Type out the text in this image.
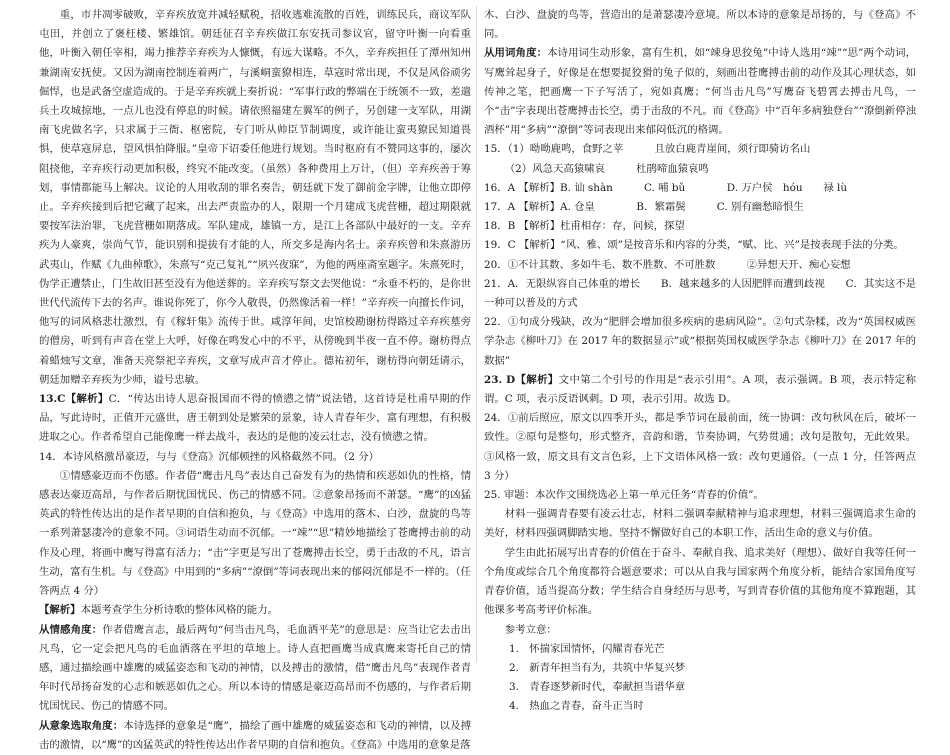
重，市井凋零破败，辛弃疾放宽并减轻赋税，招收逃难流散的百姓，训练民兵，商议军队屯田，并创立了褒枉楼、繁雄馆。朝廷征召辛弃疾做江东安抚司参议官，留守叶衡一向看重他，叶衡入朝任宰相，竭力推荐辛弃疾为人慷慨，有远大谋略。不久，辛弃疾担任了潭州知州兼湖南安抚使。又因为湖南控制连着两广，与溪峒蛮獠相连，草寇时常出现，不仅是风俗顽劣倔悍，也是武备空虚造成的。于是辛弃疾就上奏折说：“军事行政的弊端在于统领不一致，差遣兵土攻城掠地，一点儿也没有停息的时候。请依照福建左翼军的例子，另创建一支军队，用湖南飞虎做名字，只求属于三衙、枢密院，专门听从帅臣节制调度，或许能让蛮夷獠民知道畏惧，使草寇屏息，望风惧怕降服。”皇帝下诏委任他进行规划。当时枢府有不赞同这事的，屡次阻挠他，辛弃疾行动更加积极，终究不能改变。（虽然）各种费用上万计，（但）辛弃疾善于筹划，事情都能马上解决。议论的人用收刮的罪名奏告，朝廷就下发了御前金字牌，让他立即停止。辛弃疾接到后把它藏了起来，出去严责监办的人，限期一个月建成飞虎营栅，超过期限就要按军法治罪，飞虎营栅如期落成。军队建成，雄镇一方，是江上各部队中最好的一支。辛弃疾为人豪爽，崇尚气节，能识别和提拔有才能的人，所交多是海内名士。亲弃疾曾和朱熹游历武夷山，作赋《九曲棹歌》，朱熹写“克己复礼”“夙兴夜寐”，为他的两座斋室题字。朱熹死时，伪学正遭禁止，门生故旧甚至没有为他送葬的。辛弃疾写祭文去哭他说：“永垂不朽的，是你世世代代流传下去的名声。谁说你死了，你今人敬畏，仍然像活着一样！”辛弃疾一向擅长作词，他写的词风格悲壮激烈，有《稼轩集》流传于世。咸淳年间，史馆校勘谢枋得路过辛弃疾墓旁的僧房，听到有声音在堂上大呼，好像在鸣发心中的不平，从傍晚到半夜一直不停。谢枋得点着蜡烛写文章，准备天亮祭祀辛弃疾，文章写成声音才停止。德祐初年，谢枋得向朝廷请示，朝廷加赠辛弃疾为少师，谥号忠敏。

13.C【解析】C．“传达出诗人思奋报国而不得的愤懑之情”说法错，这首诗是杜甫早期的作品，写此诗时，正值开元盛世，唐王朝到处是繁荣的景象，诗人青春年少，富有理想，有积极进取之心。作者希望自己能像鹰一样去战斗，表达的是他的凌云壮志，没有愤懑之情。

14．本诗风格激昂豪迈，与与《登高》沉郁顿挫的风格截然不同。（2 分）

①情感豪迈而不伤感。作者借“鹰击凡鸟”表达自己奋发有为的热情和疾恶如仇的性格，情感表达豪迈高昂，与作者后期忧国忧民、伤己的情感不同。②意象昂扬而不萧瑟。“鹰”的凶猛英武的特性传达出的是作者早期的自信和抱负，与《登高》中选用的落木、白沙，盘旋的鸟等一系列萧瑟凄冷的意象不同。③词语生动而不沉郁。一“竦”“思”精妙地描绘了苍鹰搏击前的动作及心理，将画中鹰写得富有活力；“击”字更是写出了苍鹰搏击长空，勇于击敌的不凡，语言生动，富有生机。与《登高》中用到的“多病”“潦倒”等词表现出来的郁闷沉郁是不一样的。（任答两点 4 分）

【解析】本题考查学生分析诗歌的整体风格的能力。

从情感角度：作者借鹰言志，最后两句“何当击凡鸟，毛血洒平芜”的意思是：应当让它去击出凡鸟，它一定会把凡鸟的毛血洒落在平坦的草地上。诗人直把画鹰当成真鹰来寄托自己的情感，通过描绘画中雄鹰的威猛姿态和飞动的神情，以及搏击的激情，借“鹰击凡鸟”表现作者青年时代昂扬奋发的心志和嫉恶如仇之心。所以本诗的情感是豪迈高昂而不伤感的，与作者后期忧国忧民、伤己的情感不同。

从意象选取角度：本诗选择的意象是“鹰”，描绘了画中雄鹰的威猛姿态和飞动的神情，以及搏击的激情，以“鹰”的凶猛英武的特性传达出作者早期的自信和抱负。《登高》中选用的意象是落

木、白沙、盘旋的鸟等，营造出的是萧瑟凄冷意境。所以本诗的意象是昂扬的，与《登高》不同。

从用词角度：本诗用词生动形象，富有生机，如“竦身思狡兔”中诗人选用“竦”“思”两个动词，写鹰耸起身子，好像是在想要捉狡猾的兔子似的，刻画出苍鹰搏击前的动作及其心理状态，如传神之笔，把画鹰一下子写活了，宛如真鹰；“何当击凡鸟”写鹰奋飞碧霄去搏击凡鸟，一个“击”字表现出苍鹰搏击长空，勇于击敌的不凡。而《登高》中“百年多病独登台”“潦倒新停浊酒杯”用“多病”“潦倒”等词表现出来郁闷低沉的格调。

15．（1）呦呦鹿鸣，食野之苹　　　且放白鹿青崖间，须行即骑访名山

（2）风急天高猿啸哀　　　杜鹃啼血猿哀鸣

16．A 【解析】B. 讪 shàn　　　C. 哺 bǔ　　　　D. 万户侯　hóu　　禄 lù

17．A 【解析】A. 仓皇　　　　B．繁霜鬓　　　C. 别有幽愁暗恨生

18．B 【解析】杜甫相存：存，问候，探望

19．C 【解析】“风、雅、颂”是按音乐和内容的分类，“赋、比、兴”是按表现手法的分类。

20．①不计其数、多如牛毛、数不胜数、不可胜数　　　②异想天开、痴心妄想

21．A．无限纵容自己体重的增长　　B．越来越多的人因肥胖而遭到歧视　　C．其实这不是一种可以普及的方式

22．①句成分残缺，改为“肥胖会增加很多疾病的患病风险”。②句式杂糅，改为“英国权威医学杂志《柳叶刀》在 2017 年的数据显示”或“根据英国权威医学杂志《柳叶刀》在 2017 年的数据”

23. D【解析】文中第二个引号的作用是“表示引用”。A 项，表示强调。B 项，表示特定称谓。C 项，表示反语讽刺。D 项，表示引用。故选 D。

24．①前后照应，原文以四季开头，都是季节词在最前面，统一协调：改句秋风在后，破坏一致性。②原句是整句，形式整齐，音韵和谐，节奏协调，气势贯通；改句是散句，无此效果。③风格一致，原文具有文言色彩，上下文语体风格一致：改句更通俗。（一点 1 分，任答两点 3 分）

25. 审题：本次作文围绕选必上第一单元任务“青春的价值”。

材料一强调青春要有凌云壮志，材料二强调奉献精神与追求理想，材料三强调追求生命的美好，材料四强调脚踏实地、坚持不懈做好自己的本职工作，活出生命的意义与价值。

学生由此拓展写出青春的价值在于奋斗、奉献自我、追求美好（理想）、做好自我等任何一个角度或综合几个角度都符合题意要求；可以从自我与国家两个角度分析，能结合家国角度写青春价值，适当提高分数；学生结合自身经历与思考，写到青春价值的其他角度不算跑题，其他课多考高考评价标准。

参考立意：

1.　怀揣家国情怀，闪耀青春光芒

2.　新青年担当有为，共筑中华复兴梦

3.　青春逐梦新时代，奉献担当谱华章

4.　热血之青春，奋斗正当时
